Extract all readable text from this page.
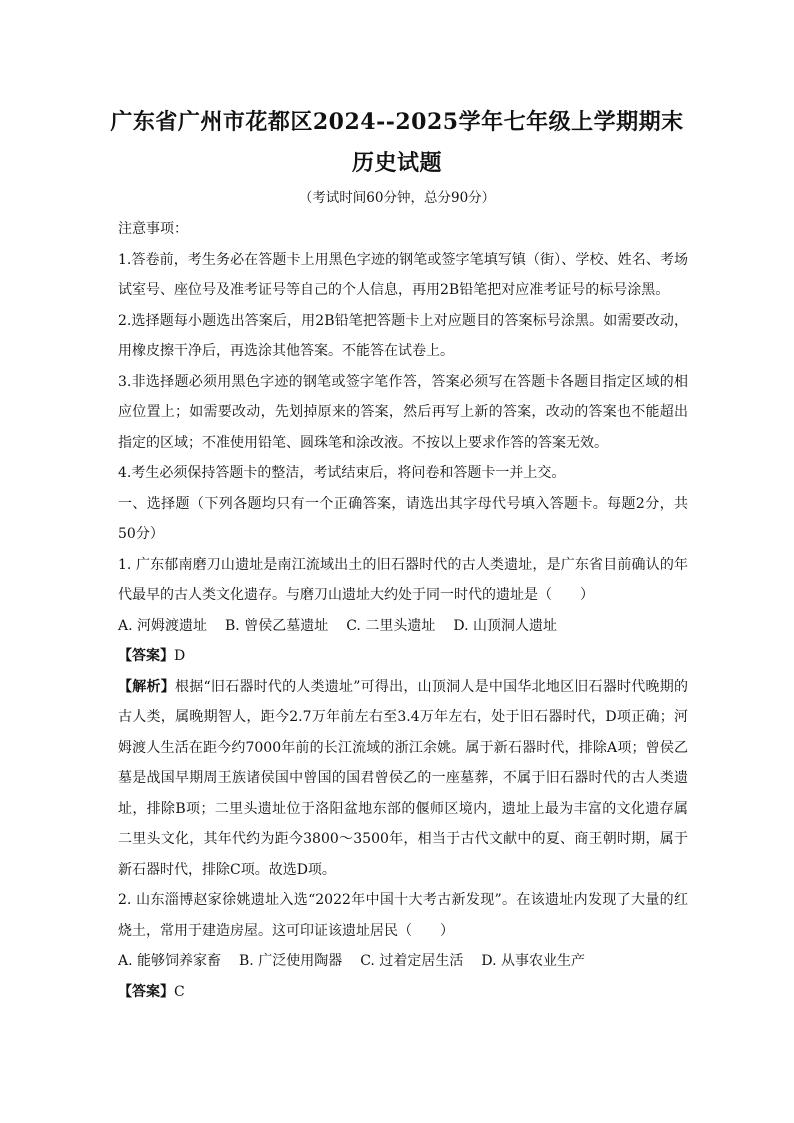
广东省广州市花都区2024--2025学年七年级上学期期末
历史试题
（考试时间60分钟，总分90分）

注意事项：

1.答卷前，考生务必在答题卡上用黑色字迹的钢笔或签字笔填写镇（街）、学校、姓名、考场试室号、座位号及准考证号等自己的个人信息，再用2B铅笔把对应准考证号的标号涂黑。

2.选择题每小题选出答案后，用2B铅笔把答题卡上对应题目的答案标号涂黑。如需要改动，用橡皮擦干净后，再选涂其他答案。不能答在试卷上。

3.非选择题必须用黑色字迹的钢笔或签字笔作答，答案必须写在答题卡各题目指定区域的相应位置上；如需要改动，先划掉原来的答案，然后再写上新的答案，改动的答案也不能超出指定的区域；不准使用铅笔、圆珠笔和涂改液。不按以上要求作答的答案无效。

4.考生必须保持答题卡的整洁，考试结束后，将问卷和答题卡一并上交。

一、选择题（下列各题均只有一个正确答案，请选出其字母代号填入答题卡。每题2分，共50分）

1. 广东郁南磨刀山遗址是南江流域出土的旧石器时代的古人类遗址，是广东省目前确认的年代最早的古人类文化遗存。与磨刀山遗址大约处于同一时代的遗址是（　　）

A. 河姆渡遗址 B. 曾侯乙墓遗址 C. 二里头遗址 D. 山顶洞人遗址

【答案】D

【解析】根据“旧石器时代的人类遗址”可得出，山顶洞人是中国华北地区旧石器时代晚期的古人类，属晚期智人，距今2.7万年前左右至3.4万年左右，处于旧石器时代，D项正确；河姆渡人生活在距今约7000年前的长江流域的浙江余姚。属于新石器时代，排除A项；曾侯乙墓是战国早期周王族诸侯国中曾国的国君曾侯乙的一座墓葬，不属于旧石器时代的古人类遗址，排除B项；二里头遗址位于洛阳盆地东部的偃师区境内，遗址上最为丰富的文化遗存属二里头文化，其年代约为距今3800～3500年，相当于古代文献中的夏、商王朝时期，属于新石器时代，排除C项。故选D项。

2. 山东淄博赵家徐姚遗址入选“2022年中国十大考古新发现”。在该遗址内发现了大量的红烧土，常用于建造房屋。这可印证该遗址居民（　　）

A. 能够饲养家畜 B. 广泛使用陶器 C. 过着定居生活 D. 从事农业生产

【答案】C
